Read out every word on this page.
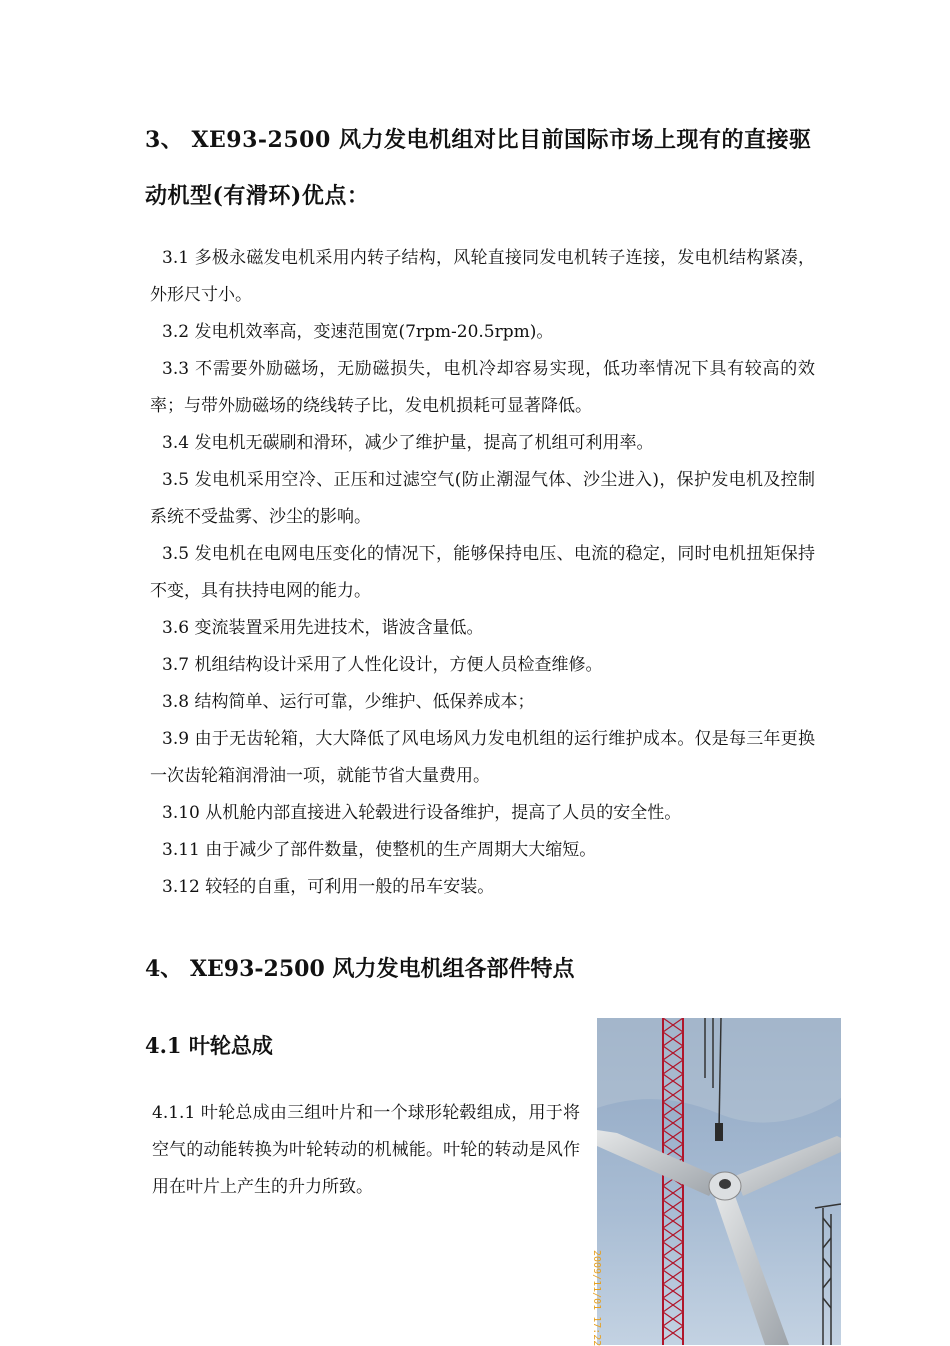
3、 XE93-2500 风力发电机组对比目前国际市场上现有的直接驱
动机型(有滑环)优点：

3.1 多极永磁发电机采用内转子结构，风轮直接同发电机转子连接，发电机结构紧凑，外形尺寸小。

3.2 发电机效率高，变速范围宽(7rpm-20.5rpm)。

3.3 不需要外励磁场，无励磁损失，电机冷却容易实现，低功率情况下具有较高的效率；与带外励磁场的绕线转子比，发电机损耗可显著降低。

3.4 发电机无碳刷和滑环，减少了维护量，提高了机组可利用率。

3.5 发电机采用空冷、正压和过滤空气(防止潮湿气体、沙尘进入)，保护发电机及控制系统不受盐雾、沙尘的影响。

3.5 发电机在电网电压变化的情况下，能够保持电压、电流的稳定，同时电机扭矩保持不变，具有扶持电网的能力。

3.6 变流装置采用先进技术，谐波含量低。

3.7 机组结构设计采用了人性化设计，方便人员检查维修。

3.8 结构简单、运行可靠，少维护、低保养成本；

3.9 由于无齿轮箱，大大降低了风电场风力发电机组的运行维护成本。仅是每三年更换一次齿轮箱润滑油一项，就能节省大量费用。

3.10 从机舱内部直接进入轮毂进行设备维护，提高了人员的安全性。

3.11 由于减少了部件数量，使整机的生产周期大大缩短。

3.12 较轻的自重，可利用一般的吊车安装。

4、 XE93-2500 风力发电机组各部件特点
4.1 叶轮总成

4.1.1 叶轮总成由三组叶片和一个球形轮毂组成，用于将空气的动能转换为叶轮转动的机械能。叶轮的转动是风作用在叶片上产生的升力所致。

2009/11/01 17:22
